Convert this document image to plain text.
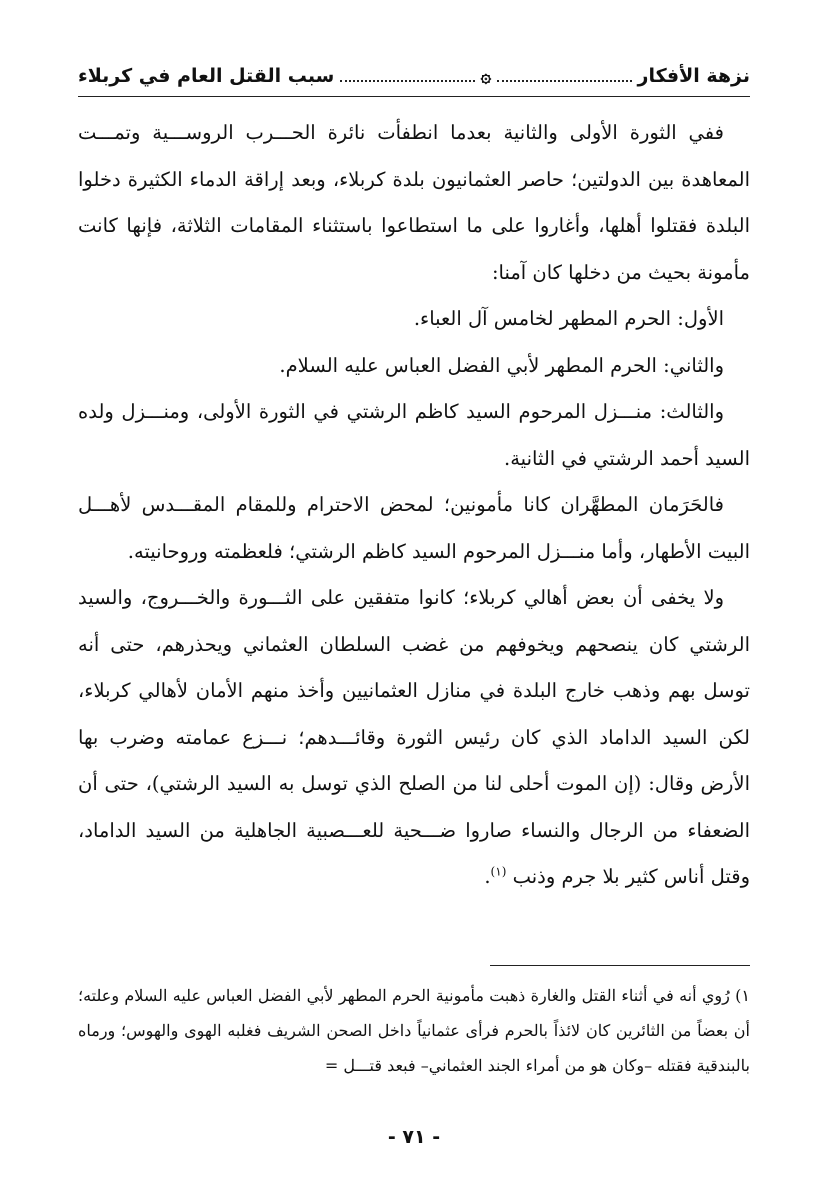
نزهة الأفكار
۞
سبب القتل العام في كربلاء

ففي الثورة الأولى والثانية بعدما انطفأت نائرة الحـــرب الروســـية وتمـــت المعاهدة بين الدولتين؛ حاصر العثمانيون بلدة كربلاء، وبعد إراقة الدماء الكثيرة دخلوا البلدة فقتلوا أهلها، وأغاروا على ما استطاعوا باستثناء المقامات الثلاثة، فإنها كانت مأمونة بحيث من دخلها كان آمنا:

الأول: الحرم المطهر لخامس آل العباء.

والثاني: الحرم المطهر لأبي الفضل العباس عليه السلام.

والثالث: منـــزل المرحوم السيد كاظم الرشتي في الثورة الأولى، ومنـــزل ولده السيد أحمد الرشتي في الثانية.

فالحَرَمان المطهَّران كانا مأمونين؛ لمحض الاحترام وللمقام المقـــدس لأهـــل البيت الأطهار، وأما منـــزل المرحوم السيد كاظم الرشتي؛ فلعظمته وروحانيته.

ولا يخفى أن بعض أهالي كربلاء؛ كانوا متفقين على الثـــورة والخـــروج، والسيد الرشتي كان ينصحهم ويخوفهم من غضب السلطان العثماني ويحذرهم، حتى أنه توسل بهم وذهب خارج البلدة في منازل العثمانيين وأخذ منهم الأمان لأهالي كربلاء، لكن السيد الداماد الذي كان رئيس الثورة وقائـــدهم؛ نـــزع عمامته وضرب بها الأرض وقال: (إن الموت أحلى لنا من الصلح الذي توسل به السيد الرشتي)، حتى أن الضعفاء من الرجال والنساء صاروا ضـــحية للعـــصبية الجاهلية من السيد الداماد، وقتل أناس كثير بلا جرم وذنب $^{(١)}$.

١) رُوي أنه في أثناء القتل والغارة ذهبت مأمونية الحرم المطهر لأبي الفضل العباس عليه السلام وعلته؛ أن بعضاً من الثائرين كان لائذاً بالحرم فرأى عثمانياً داخل الصحن الشريف فغلبه الهوى والهوس؛ ورماه بالبندقية فقتله –وكان هو من أمراء الجند العثماني– فبعد قتـــل =

- ٧١ -
